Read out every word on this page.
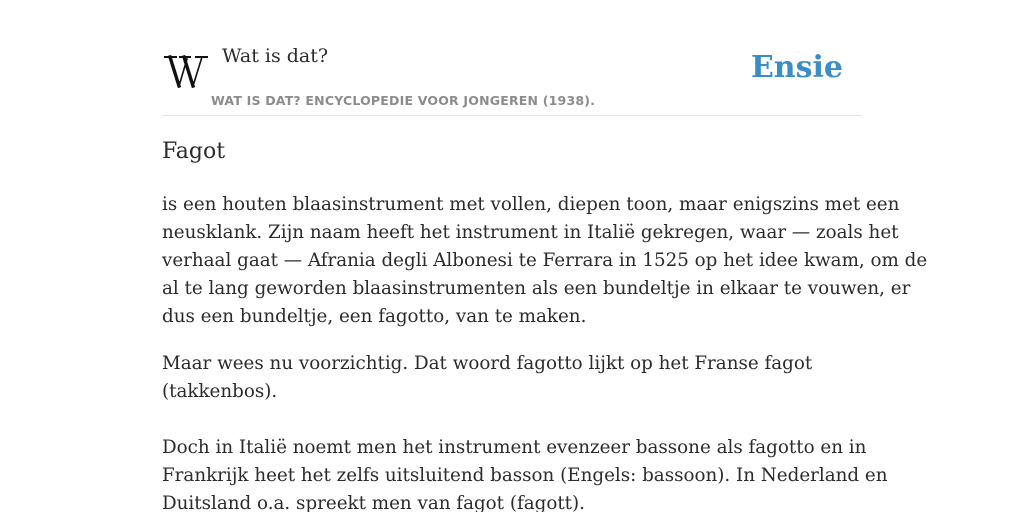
Wat is dat?
WAT IS DAT? ENCYCLOPEDIE VOOR JONGEREN (1938).
Ensie
Fagot

is een houten blaasinstrument met vollen, diepen toon, maar enigszins met een
neusklank. Zijn naam heeft het instrument in Italië gekregen, waar — zoals het
verhaal gaat — Afrania degli Albonesi te Ferrara in 1525 op het idee kwam, om de
al te lang geworden blaasinstrumenten als een bundeltje in elkaar te vouwen, er
dus een bundeltje, een fagotto, van te maken.

Maar wees nu voorzichtig. Dat woord fagotto lijkt op het Franse fagot
(takkenbos).
Doch in Italië noemt men het instrument evenzeer bassone als fagotto en in
Frankrijk heet het zelfs uitsluitend basson (Engels: bassoon). In Nederland en
Duitsland o.a. spreekt men van fagot (fagott).
